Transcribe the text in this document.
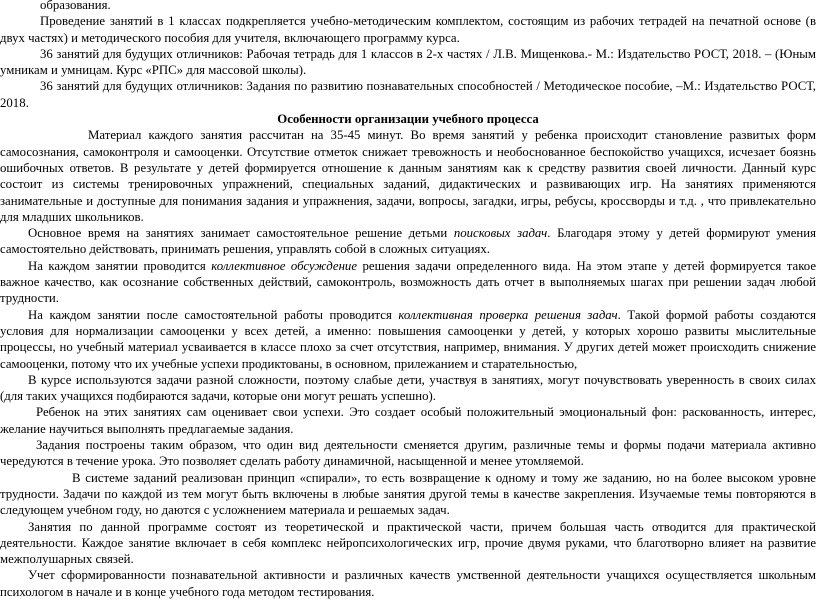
образования.

Проведение занятий в 1 классах подкрепляется учебно-методическим комплектом, состоящим из рабочих тетрадей на печатной основе (в двух частях) и методического пособия для учителя, включающего программу курса.

36 занятий для будущих отличников: Рабочая тетрадь для 1 классов в 2-х частях / Л.В. Мищенкова.- М.: Издательство РОСТ, 2018. – (Юным умникам и умницам. Курс «РПС» для массовой школы).

36 занятий для будущих отличников: Задания по развитию познавательных способностей / Методическое пособие, –М.: Издательство РОСТ, 2018.

Особенности организации учебного процесса

Материал каждого занятия рассчитан на 35-45 минут. Во время занятий у ребенка происходит становление развитых форм самосознания, самоконтроля и самооценки. Отсутствие отметок снижает тревожность и необоснованное беспокойство учащихся, исчезает боязнь ошибочных ответов. В результате у детей формируется отношение к данным занятиям как к средству развития своей личности. Данный курс состоит из системы тренировочных упражнений, специальных заданий, дидактических и развивающих игр. На занятиях применяются занимательные и доступные для понимания задания и упражнения, задачи, вопросы, загадки, игры, ребусы, кроссворды и т.д. , что привлекательно для младших школьников.

Основное время на занятиях занимает самостоятельное решение детьми поисковых задач. Благодаря этому у детей формируют умения самостоятельно действовать, принимать решения, управлять собой в сложных ситуациях.

На каждом занятии проводится коллективное обсуждение решения задачи определенного вида. На этом этапе у детей формируется такое важное качество, как осознание собственных действий, самоконтроль, возможность дать отчет в выполняемых шагах при решении задач любой трудности.

На каждом занятии после самостоятельной работы проводится коллективная проверка решения задач. Такой формой работы создаются условия для нормализации самооценки у всех детей, а именно: повышения самооценки у детей, у которых хорошо развиты мыслительные процессы, но учебный материал усваивается в классе плохо за счет отсутствия, например, внимания. У других детей может происходить снижение самооценки, потому что их учебные успехи продиктованы, в основном, прилежанием и старательностью,

В курсе используются задачи разной сложности, поэтому слабые дети, участвуя в занятиях, могут почувствовать уверенность в своих силах (для таких учащихся подбираются задачи, которые они могут решать успешно).

Ребенок на этих занятиях сам оценивает свои успехи. Это создает особый положительный эмоциональный фон: раскованность, интерес, желание научиться выполнять предлагаемые задания.

Задания построены таким образом, что один вид деятельности сменяется другим, различные темы и формы подачи материала активно чередуются в течение урока. Это позволяет сделать работу динамичной, насыщенной и менее утомляемой.

В системе заданий реализован принцип «спирали», то есть возвращение к одному и тому же заданию, но на более высоком уровне трудности. Задачи по каждой из тем могут быть включены в любые занятия другой темы в качестве закрепления. Изучаемые темы повторяются в следующем учебном году, но даются с усложнением материала и решаемых задач.

Занятия по данной программе состоят из теоретической и практической части, причем большая часть отводится для практической деятельности. Каждое занятие включает в себя комплекс нейропсихологических игр, прочие двумя руками, что благотворно влияет на развитие межполушарных связей.

Учет сформированности познавательной активности и различных качеств умственной деятельности учащихся осуществляется школьным психологом в начале и в конце учебного года методом тестирования.
